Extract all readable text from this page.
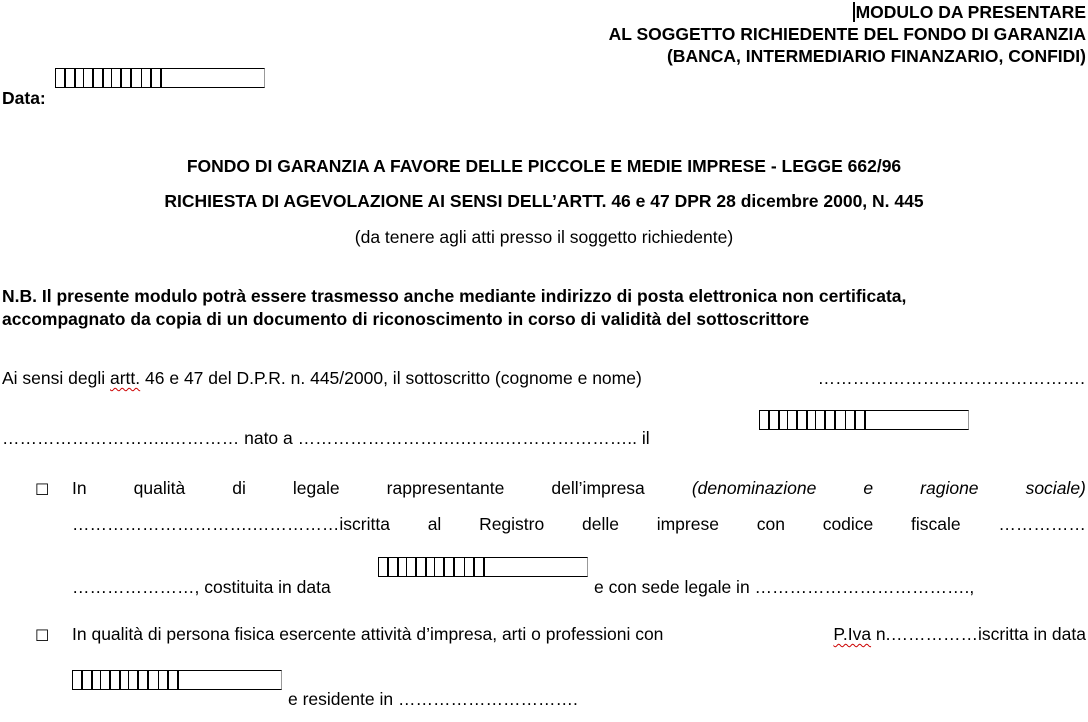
MODULO DA PRESENTARE
AL SOGGETTO RICHIEDENTE DEL FONDO DI GARANZIA
(BANCA, INTERMEDIARIO FINANZARIO, CONFIDI)
Data:
FONDO DI GARANZIA A FAVORE DELLE PICCOLE E MEDIE IMPRESE - LEGGE 662/96
RICHIESTA DI AGEVOLAZIONE AI SENSI DELL’ARTT. 46 e 47 DPR 28 dicembre 2000, N. 445
(da tenere agli atti presso il soggetto richiedente)
N.B. Il presente modulo potrà essere trasmesso anche mediante indirizzo di posta elettronica non certificata,
accompagnato da copia di un documento di riconoscimento in corso di validità del sottoscrittore
Ai sensi degli artt. 46 e 47 del D.P.R. n. 445/2000, il sottoscritto (cognome e nome)	……………………………………….
………………………..………… nato a ……………………….……..………………….. il
☐ In	qualità	di	legale	rappresentante	dell’impresa	(denominazione	e	ragione	sociale)
………………………….……………iscritta al Registro delle imprese con codice fiscale ……………
…………………, costituita in data	e con sede legale in ……………………………….,
☐ In qualità di persona fisica esercente attività d’impresa, arti o professioni con	P.Iva n.……………iscritta in data
e residente in ………………………….
